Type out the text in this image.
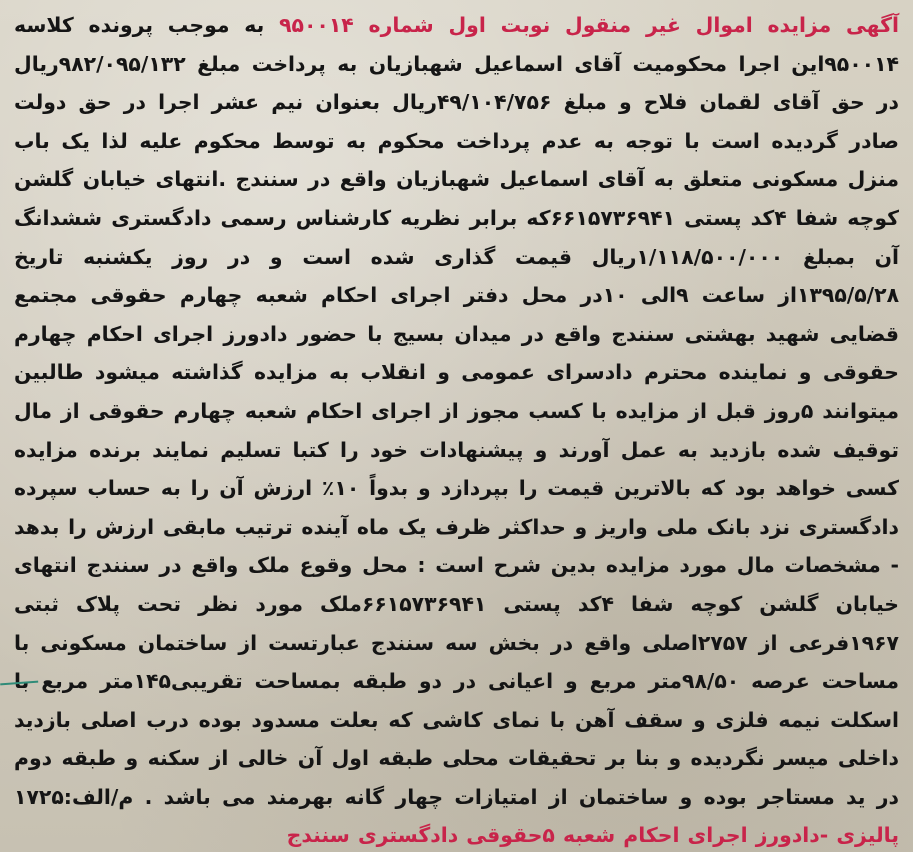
آگهی مزایده اموال غیر منقول نوبت اول شماره ۹۵۰۰۱۴ به موجب پرونده کلاسه ۹۵۰۰۱۴این اجرا محکومیت آقای اسماعیل شهبازیان به پرداخت مبلغ ۹۸۲/۰۹۵/۱۳۲ریال در حق آقای لقمان فلاح و مبلغ ۴۹/۱۰۴/۷۵۶ریال بعنوان نیم عشر اجرا در حق دولت صادر گردیده است با توجه به عدم پرداخت محکوم به توسط محکوم علیه لذا یک باب منزل مسکونی متعلق به آقای اسماعیل شهبازیان واقع در سنندج .انتهای خیابان گلشن کوچه شفا ۴کد پستی ۶۶۱۵۷۳۶۹۴۱که برابر نظریه کارشناس رسمی دادگستری ششدانگ آن بمبلغ ۱/۱۱۸/۵۰۰/۰۰۰ریال قیمت گذاری شده است و در روز یکشنبه تاریخ ۱۳۹۵/۵/۲۸از ساعت ۹الی ۱۰در محل دفتر اجرای احکام شعبه چهارم حقوقی مجتمع قضایی شهید بهشتی سنندج واقع در میدان بسیج با حضور دادورز اجرای احکام چهارم حقوقی و نماینده محترم دادسرای عمومی و انقلاب به مزایده گذاشته میشود طالبین میتوانند ۵روز قبل از مزایده با کسب مجوز از اجرای احکام شعبه چهارم حقوقی از مال توقیف شده بازدید به عمل آورند و پیشنهادات خود را کتبا تسلیم نمایند برنده مزایده کسی خواهد بود که بالاترین قیمت را بپردازد و بدواً ۱۰٪ ارزش آن را به حساب سپرده دادگستری نزد بانک ملی واریز و حداکثر ظرف یک ماه آینده ترتیب مابقی ارزش را بدهد - مشخصات مال مورد مزایده بدین شرح است : محل وقوع ملک واقع در سنندج انتهای خیابان گلشن کوچه شفا ۴کد پستی ۶۶۱۵۷۳۶۹۴۱ملک مورد نظر تحت پلاک ثبتی ۱۹۶۷فرعی از ۲۷۵۷اصلی واقع در بخش سه سنندج عبارتست از ساختمان مسکونی با مساحت عرصه ۹۸/۵۰متر مربع و اعیانی در دو طبقه بمساحت تقریبی۱۴۵متر مربع با اسکلت نیمه فلزی و سقف آهن با نمای کاشی که بعلت مسدود بوده درب اصلی بازدید داخلی میسر نگردیده و بنا بر تحقیقات محلی طبقه اول آن خالی از سکنه و طبقه دوم در ید مستاجر بوده و ساختمان از امتیازات چهار گانه بهرمند می باشد . م/الف:۱۷۲۵ پالیزی -دادورز اجرای احکام شعبه ۵حقوقی دادگستری سنندج
